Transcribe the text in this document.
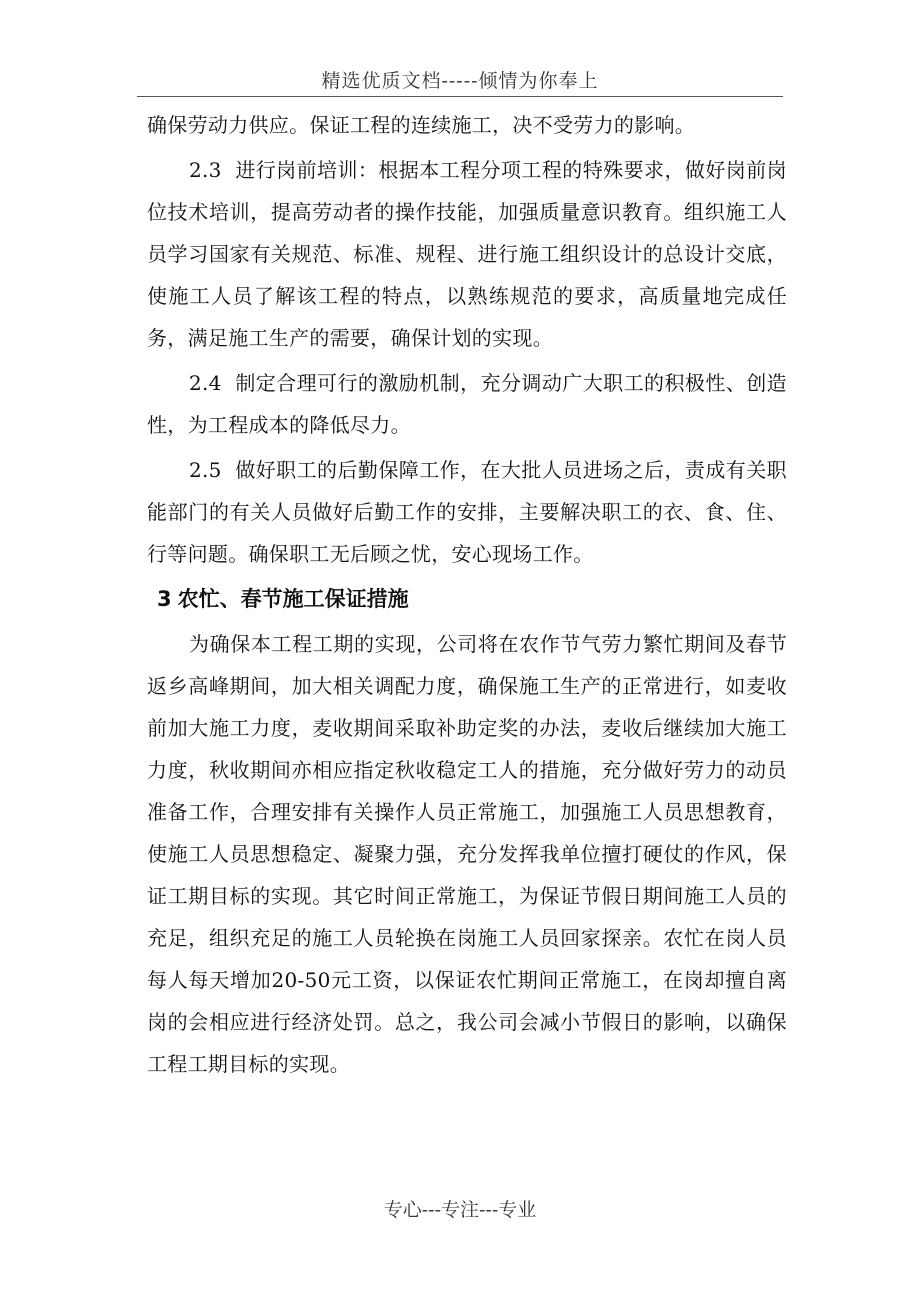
精选优质文档-----倾情为你奉上

确保劳动力供应。保证工程的连续施工，决不受劳力的影响。

2.3 进行岗前培训：根据本工程分项工程的特殊要求，做好岗前岗位技术培训，提高劳动者的操作技能，加强质量意识教育。组织施工人员学习国家有关规范、标准、规程、进行施工组织设计的总设计交底，使施工人员了解该工程的特点，以熟练规范的要求，高质量地完成任务，满足施工生产的需要，确保计划的实现。

2.4 制定合理可行的激励机制，充分调动广大职工的积极性、创造性，为工程成本的降低尽力。

2.5 做好职工的后勤保障工作，在大批人员进场之后，责成有关职能部门的有关人员做好后勤工作的安排，主要解决职工的衣、食、住、行等问题。确保职工无后顾之忧，安心现场工作。

3 农忙、春节施工保证措施

为确保本工程工期的实现，公司将在农作节气劳力繁忙期间及春节返乡高峰期间，加大相关调配力度，确保施工生产的正常进行，如麦收前加大施工力度，麦收期间采取补助定奖的办法，麦收后继续加大施工力度，秋收期间亦相应指定秋收稳定工人的措施，充分做好劳力的动员准备工作，合理安排有关操作人员正常施工，加强施工人员思想教育，使施工人员思想稳定、凝聚力强，充分发挥我单位擅打硬仗的作风，保证工期目标的实现。其它时间正常施工，为保证节假日期间施工人员的充足，组织充足的施工人员轮换在岗施工人员回家探亲。农忙在岗人员每人每天增加20-50元工资，以保证农忙期间正常施工，在岗却擅自离岗的会相应进行经济处罚。总之，我公司会减小节假日的影响，以确保工程工期目标的实现。

专心---专注---专业
